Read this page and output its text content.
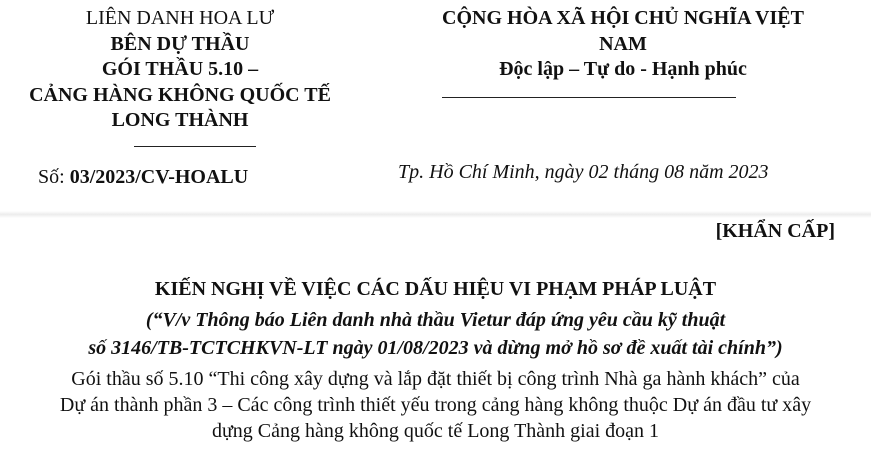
LIÊN DANH HOA LƯ
BÊN DỰ THẦU
GÓI THẦU 5.10 –
CẢNG HÀNG KHÔNG QUỐC TẾ
LONG THÀNH
CỘNG HÒA XÃ HỘI CHỦ NGHĨA VIỆT
NAM
Độc lập – Tự do - Hạnh phúc
Số: 03/2023/CV-HOALU	Tp. Hồ Chí Minh, ngày 02 tháng 08 năm 2023
[KHẨN CẤP]
KIẾN NGHỊ VỀ VIỆC CÁC DẤU HIỆU VI PHẠM PHÁP LUẬT
(“V/v Thông báo Liên danh nhà thầu Vietur đáp ứng yêu cầu kỹ thuật
số 3146/TB-TCTCHKVN-LT ngày 01/08/2023 và dừng mở hồ sơ đề xuất tài chính”)
Gói thầu số 5.10 “Thi công xây dựng và lắp đặt thiết bị công trình Nhà ga hành khách” của
Dự án thành phần 3 – Các công trình thiết yếu trong cảng hàng không thuộc Dự án đầu tư xây
dựng Cảng hàng không quốc tế Long Thành giai đoạn 1
